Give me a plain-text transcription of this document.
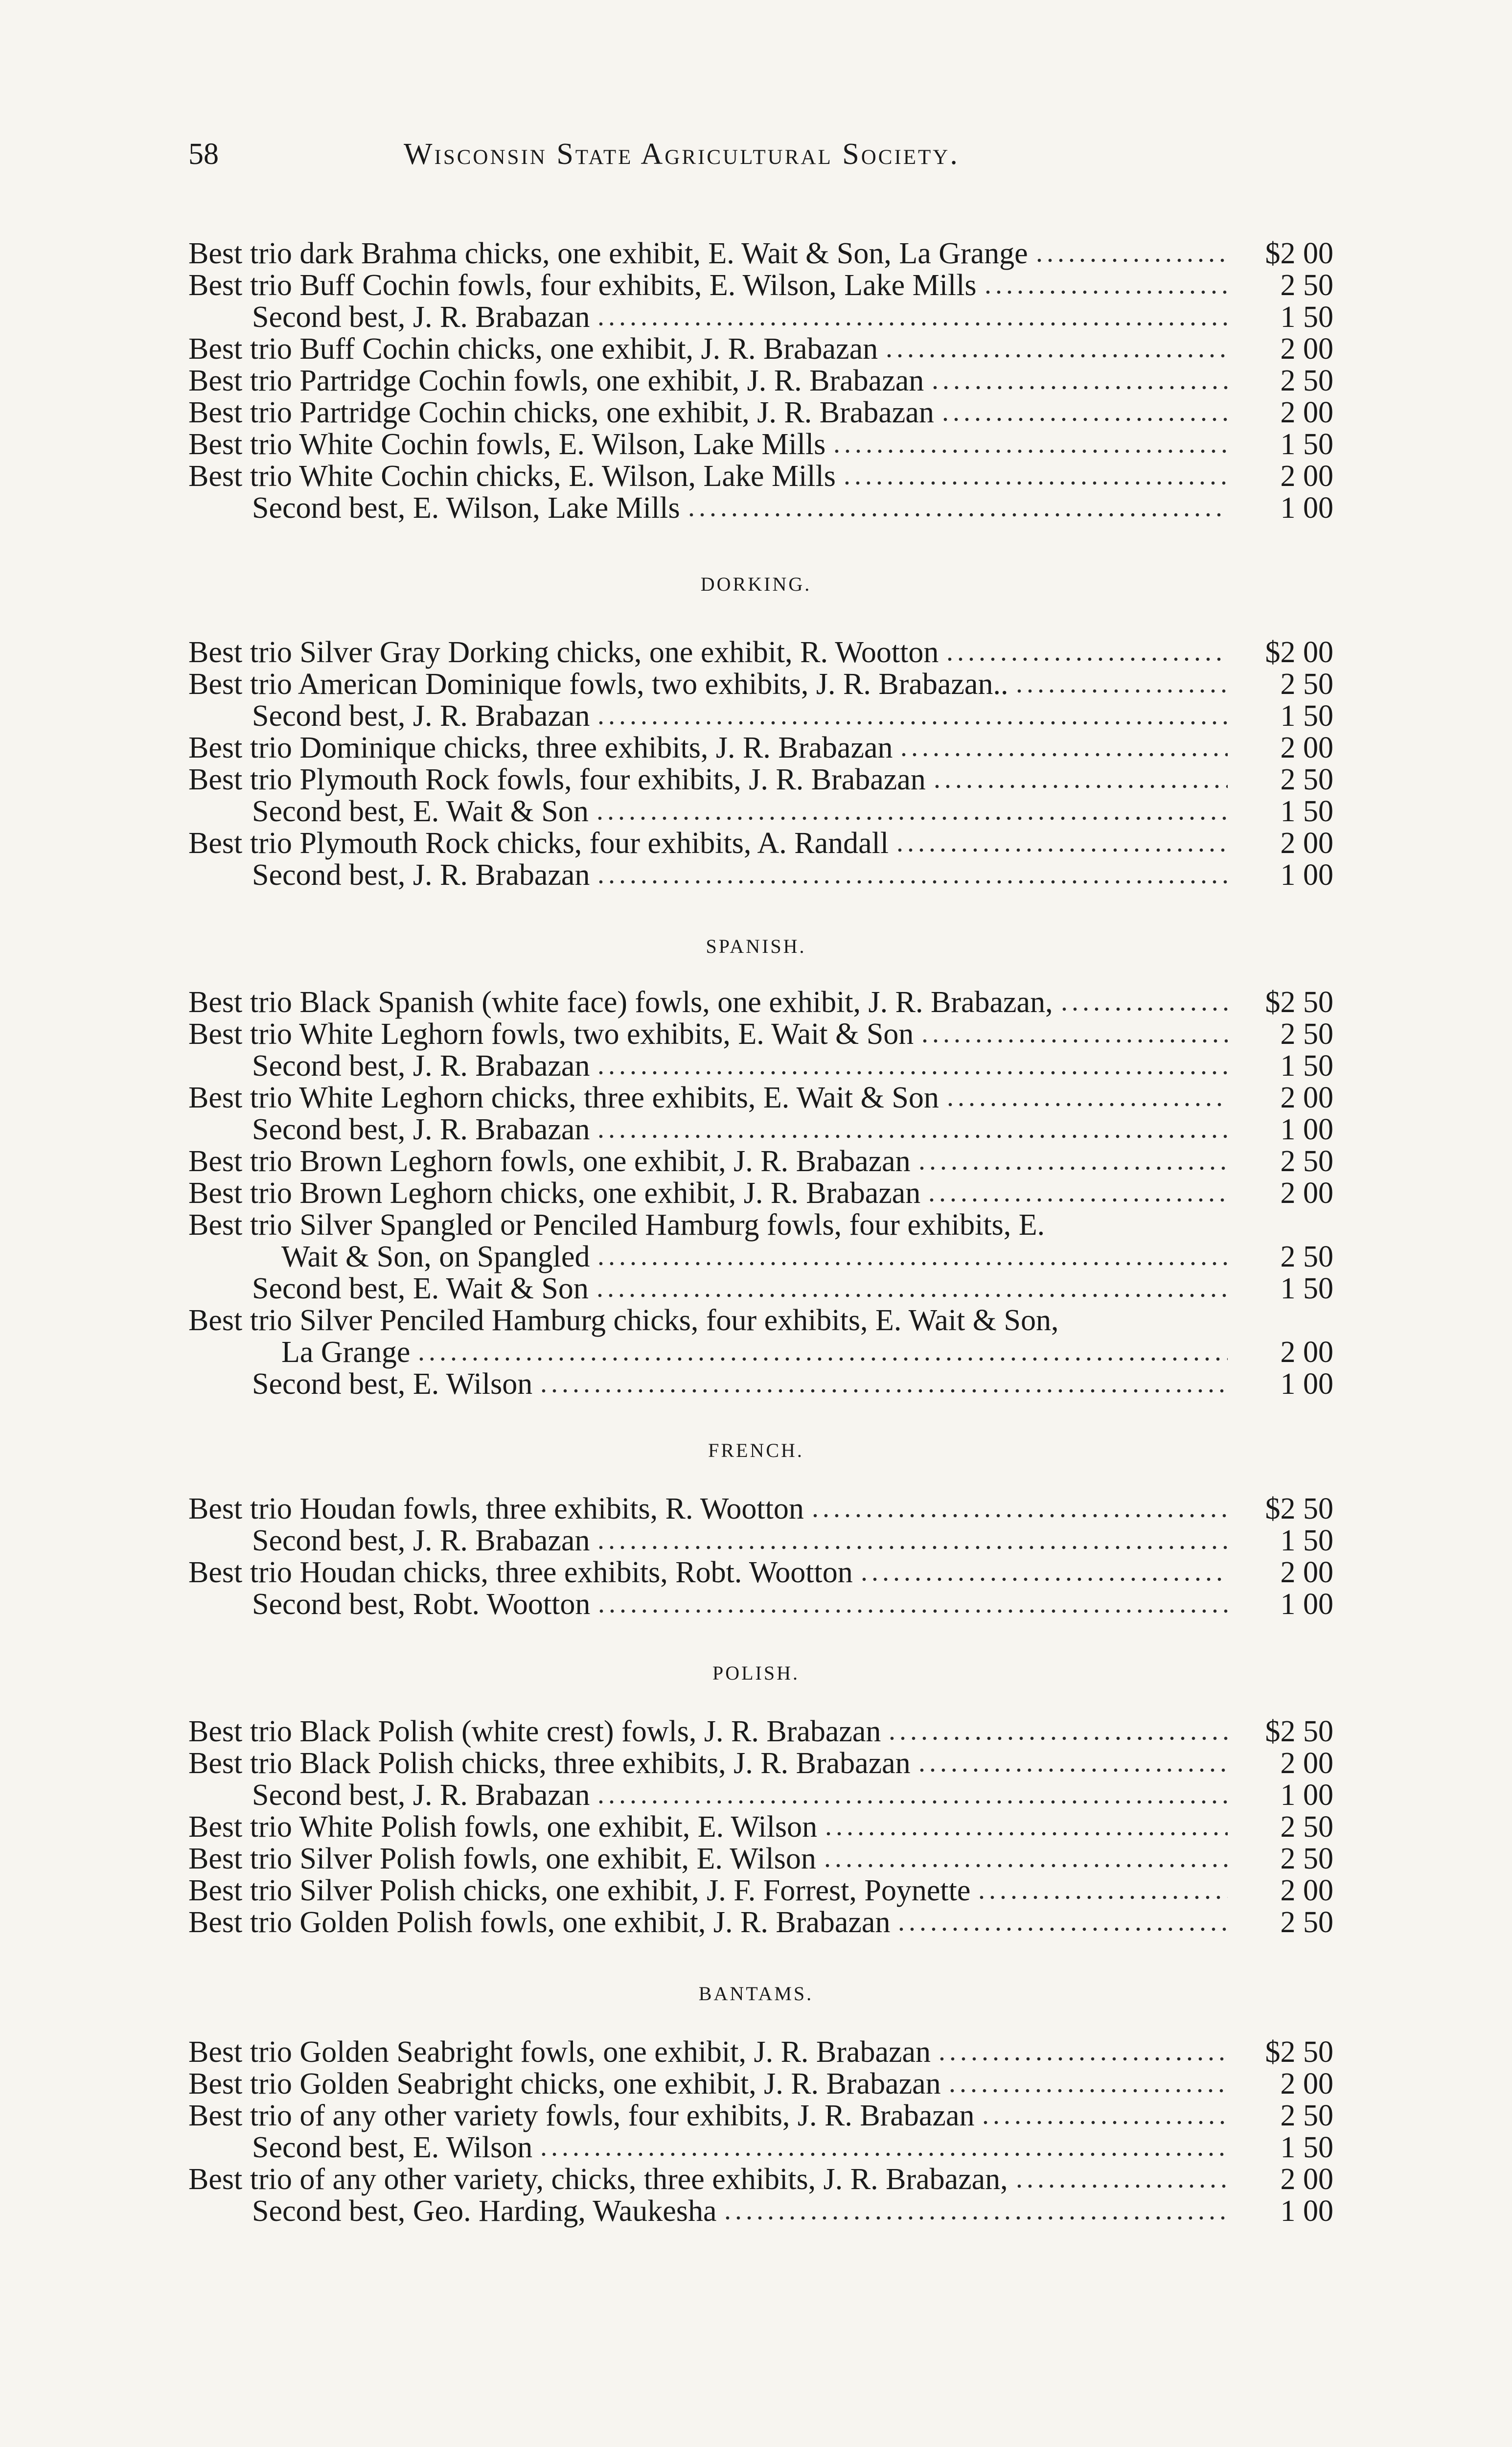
58	Wisconsin State Agricultural Society.
Best trio dark Brahma chicks, one exhibit, E. Wait & Son, La Grange	$2 00
Best trio Buff Cochin fowls, four exhibits, E. Wilson, Lake Mills	2 50
Second best, J. R. Brabazan	1 50
Best trio Buff Cochin chicks, one exhibit, J. R. Brabazan	2 00
Best trio Partridge Cochin fowls, one exhibit, J. R. Brabazan	2 50
Best trio Partridge Cochin chicks, one exhibit, J. R. Brabazan	2 00
Best trio White Cochin fowls, E. Wilson, Lake Mills	1 50
Best trio White Cochin chicks, E. Wilson, Lake Mills	2 00
Second best, E. Wilson, Lake Mills	1 00
DORKING.
Best trio Silver Gray Dorking chicks, one exhibit, R. Wootton	$2 00
Best trio American Dominique fowls, two exhibits, J. R. Brabazan..	2 50
Second best, J. R. Brabazan	1 50
Best trio Dominique chicks, three exhibits, J. R. Brabazan	2 00
Best trio Plymouth Rock fowls, four exhibits, J. R. Brabazan	2 50
Second best, E. Wait & Son	1 50
Best trio Plymouth Rock chicks, four exhibits, A. Randall	2 00
Second best, J. R. Brabazan	1 00
SPANISH.
Best trio Black Spanish (white face) fowls, one exhibit, J. R. Brabazan,	$2 50
Best trio White Leghorn fowls, two exhibits, E. Wait & Son	2 50
Second best, J. R. Brabazan	1 50
Best trio White Leghorn chicks, three exhibits, E. Wait & Son	2 00
Second best, J. R. Brabazan	1 00
Best trio Brown Leghorn fowls, one exhibit, J. R. Brabazan	2 50
Best trio Brown Leghorn chicks, one exhibit, J. R. Brabazan	2 00
Best trio Silver Spangled or Penciled Hamburg fowls, four exhibits, E.
Wait & Son, on Spangled	2 50
Second best, E. Wait & Son	1 50
Best trio Silver Penciled Hamburg chicks, four exhibits, E. Wait & Son,
La Grange	2 00
Second best, E. Wilson	1 00
FRENCH.
Best trio Houdan fowls, three exhibits, R. Wootton	$2 50
Second best, J. R. Brabazan	1 50
Best trio Houdan chicks, three exhibits, Robt. Wootton	2 00
Second best, Robt. Wootton	1 00
POLISH.
Best trio Black Polish (white crest) fowls, J. R. Brabazan	$2 50
Best trio Black Polish chicks, three exhibits, J. R. Brabazan	2 00
Second best, J. R. Brabazan	1 00
Best trio White Polish fowls, one exhibit, E. Wilson	2 50
Best trio Silver Polish fowls, one exhibit, E. Wilson	2 50
Best trio Silver Polish chicks, one exhibit, J. F. Forrest, Poynette	2 00
Best trio Golden Polish fowls, one exhibit, J. R. Brabazan	2 50
BANTAMS.
Best trio Golden Seabright fowls, one exhibit, J. R. Brabazan	$2 50
Best trio Golden Seabright chicks, one exhibit, J. R. Brabazan	2 00
Best trio of any other variety fowls, four exhibits, J. R. Brabazan	2 50
Second best, E. Wilson	1 50
Best trio of any other variety, chicks, three exhibits, J. R. Brabazan,	2 00
Second best, Geo. Harding, Waukesha	1 00
